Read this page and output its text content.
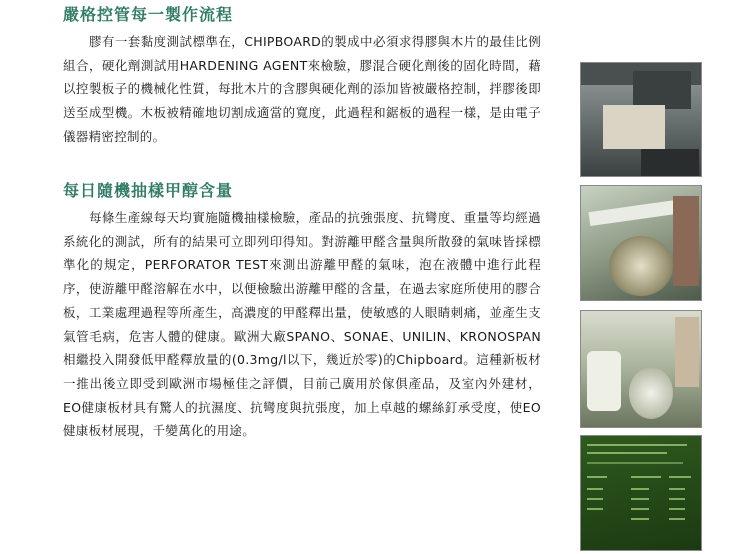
嚴格控管每一製作流程

膠有一套黏度測試標準在，CHIPBOARD的製成中必須求得膠與木片的最佳比例組合，硬化劑測試用HARDENING AGENT來檢驗，膠混合硬化劑後的固化時間，藉以控製板子的機械化性質，每批木片的含膠與硬化劑的添加皆被嚴格控制，拌膠後即送至成型機。木板被精確地切割成適當的寬度，此過程和鋸板的過程一樣，是由電子儀器精密控制的。

每日隨機抽樣甲醇含量

每條生產線每天均實施隨機抽樣檢驗，產品的抗強張度、抗彎度、重量等均經過系統化的測試，所有的結果可立即列印得知。對游離甲醛含量與所散發的氣味皆採標準化的規定，PERFORATOR TEST來測出游離甲醛的氣味，泡在液體中進行此程序，使游離甲醛溶解在水中，以便檢驗出游離甲醛的含量，在過去家庭所使用的膠合板，工業處理過程等所產生，高濃度的甲醛釋出量，使敏感的人眼睛刺痛，並產生支氣管毛病，危害人體的健康。歐洲大廠SPANO、SONAE、UNILIN、KRONOSPAN相繼投入開發低甲醛釋放量的(0.3mg/l以下，幾近於零)的Chipboard。這種新板材一推出後立即受到歐洲市場極佳之評價，目前己廣用於傢俱產品，及室內外建材，EO健康板材具有驚人的抗濕度、抗彎度與抗張度，加上卓越的螺絲釘承受度，使EO健康板材展現，千變萬化的用途。
